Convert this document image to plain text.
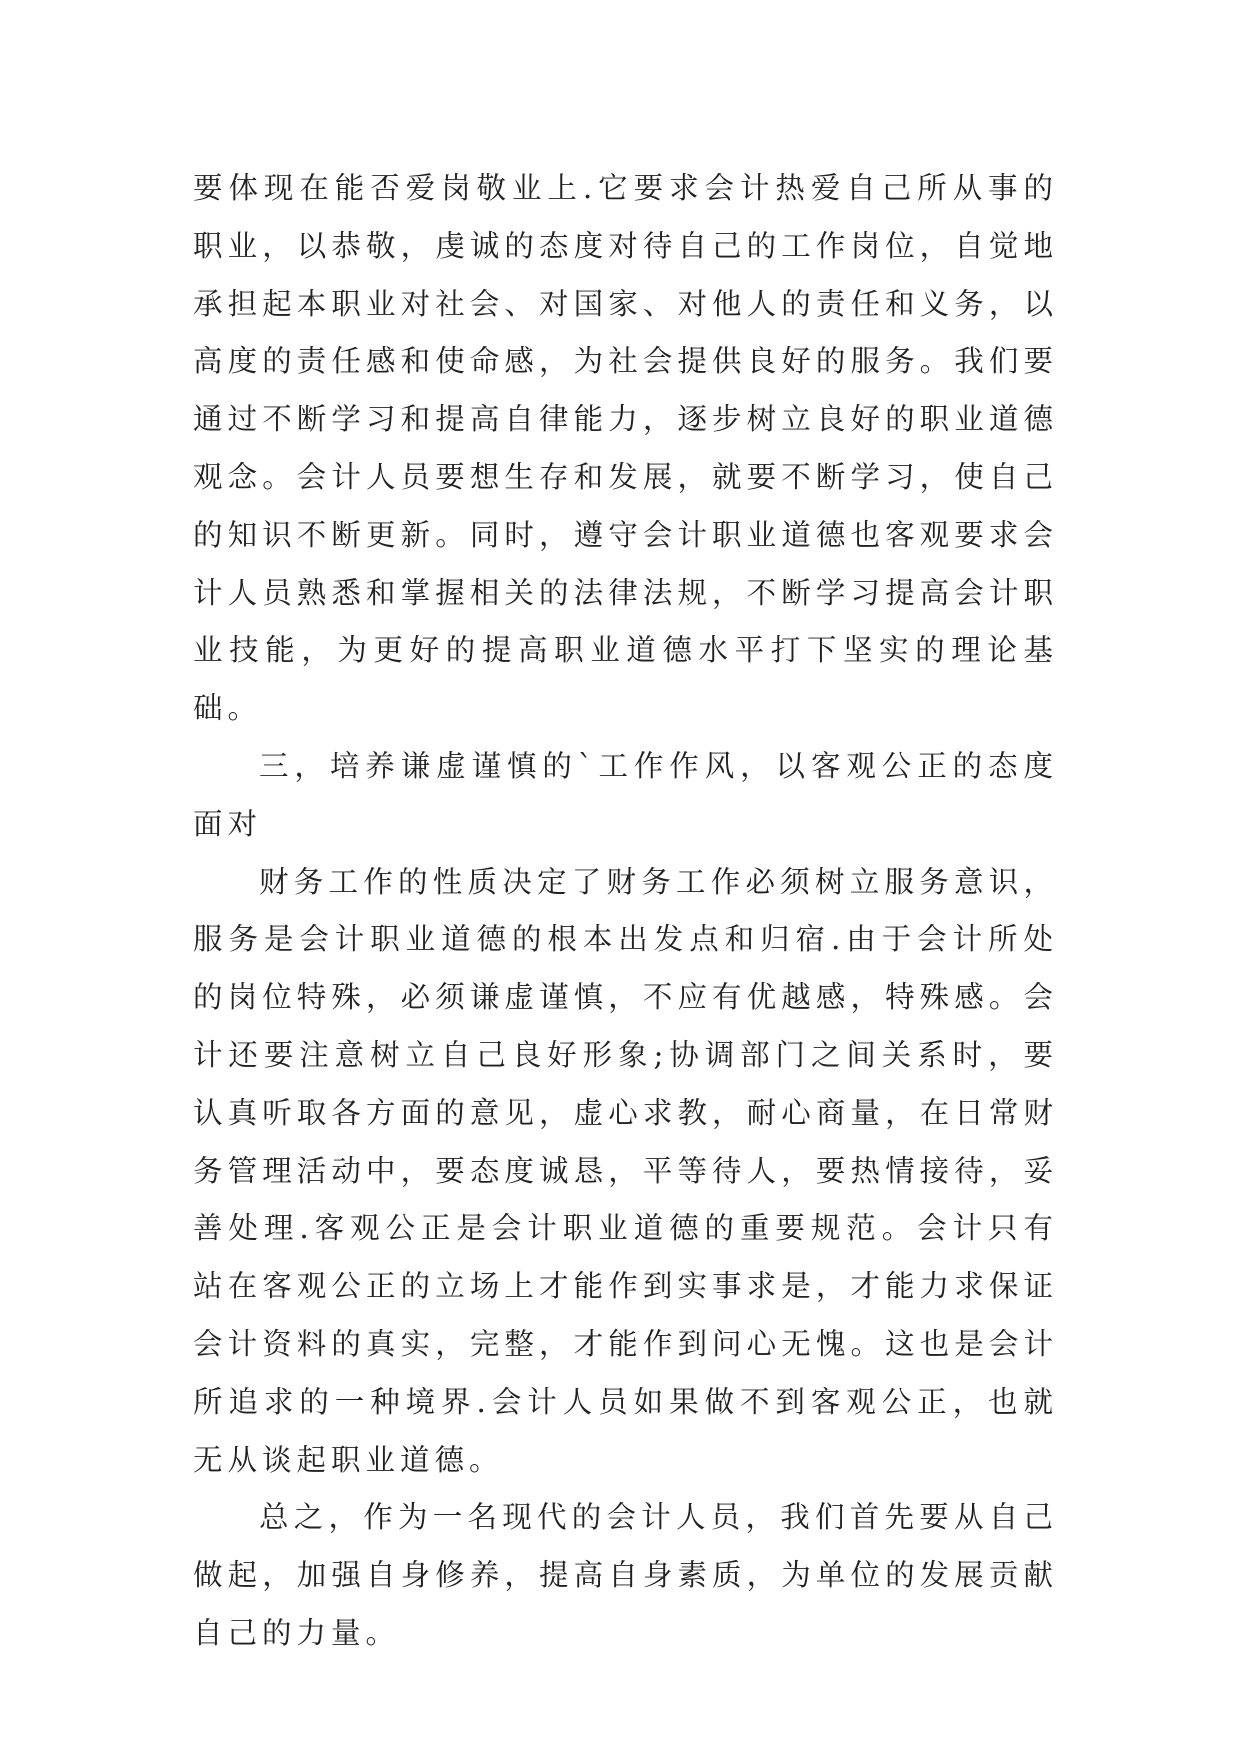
要体现在能否爱岗敬业上.它要求会计热爱自己所从事的职业，以恭敬，虔诚的态度对待自己的工作岗位，自觉地承担起本职业对社会、对国家、对他人的责任和义务，以高度的责任感和使命感，为社会提供良好的服务。我们要通过不断学习和提高自律能力，逐步树立良好的职业道德观念。会计人员要想生存和发展，就要不断学习，使自己的知识不断更新。同时，遵守会计职业道德也客观要求会计人员熟悉和掌握相关的法律法规，不断学习提高会计职业技能，为更好的提高职业道德水平打下坚实的理论基础。

三，培养谦虚谨慎的`工作作风，以客观公正的态度面对

财务工作的性质决定了财务工作必须树立服务意识，服务是会计职业道德的根本出发点和归宿.由于会计所处的岗位特殊，必须谦虚谨慎，不应有优越感，特殊感。会计还要注意树立自己良好形象;协调部门之间关系时，要认真听取各方面的意见，虚心求教，耐心商量，在日常财务管理活动中，要态度诚恳，平等待人，要热情接待，妥善处理.客观公正是会计职业道德的重要规范。会计只有站在客观公正的立场上才能作到实事求是，才能力求保证会计资料的真实，完整，才能作到问心无愧。这也是会计所追求的一种境界.会计人员如果做不到客观公正，也就无从谈起职业道德。

总之，作为一名现代的会计人员，我们首先要从自己做起，加强自身修养，提高自身素质，为单位的发展贡献自己的力量。
